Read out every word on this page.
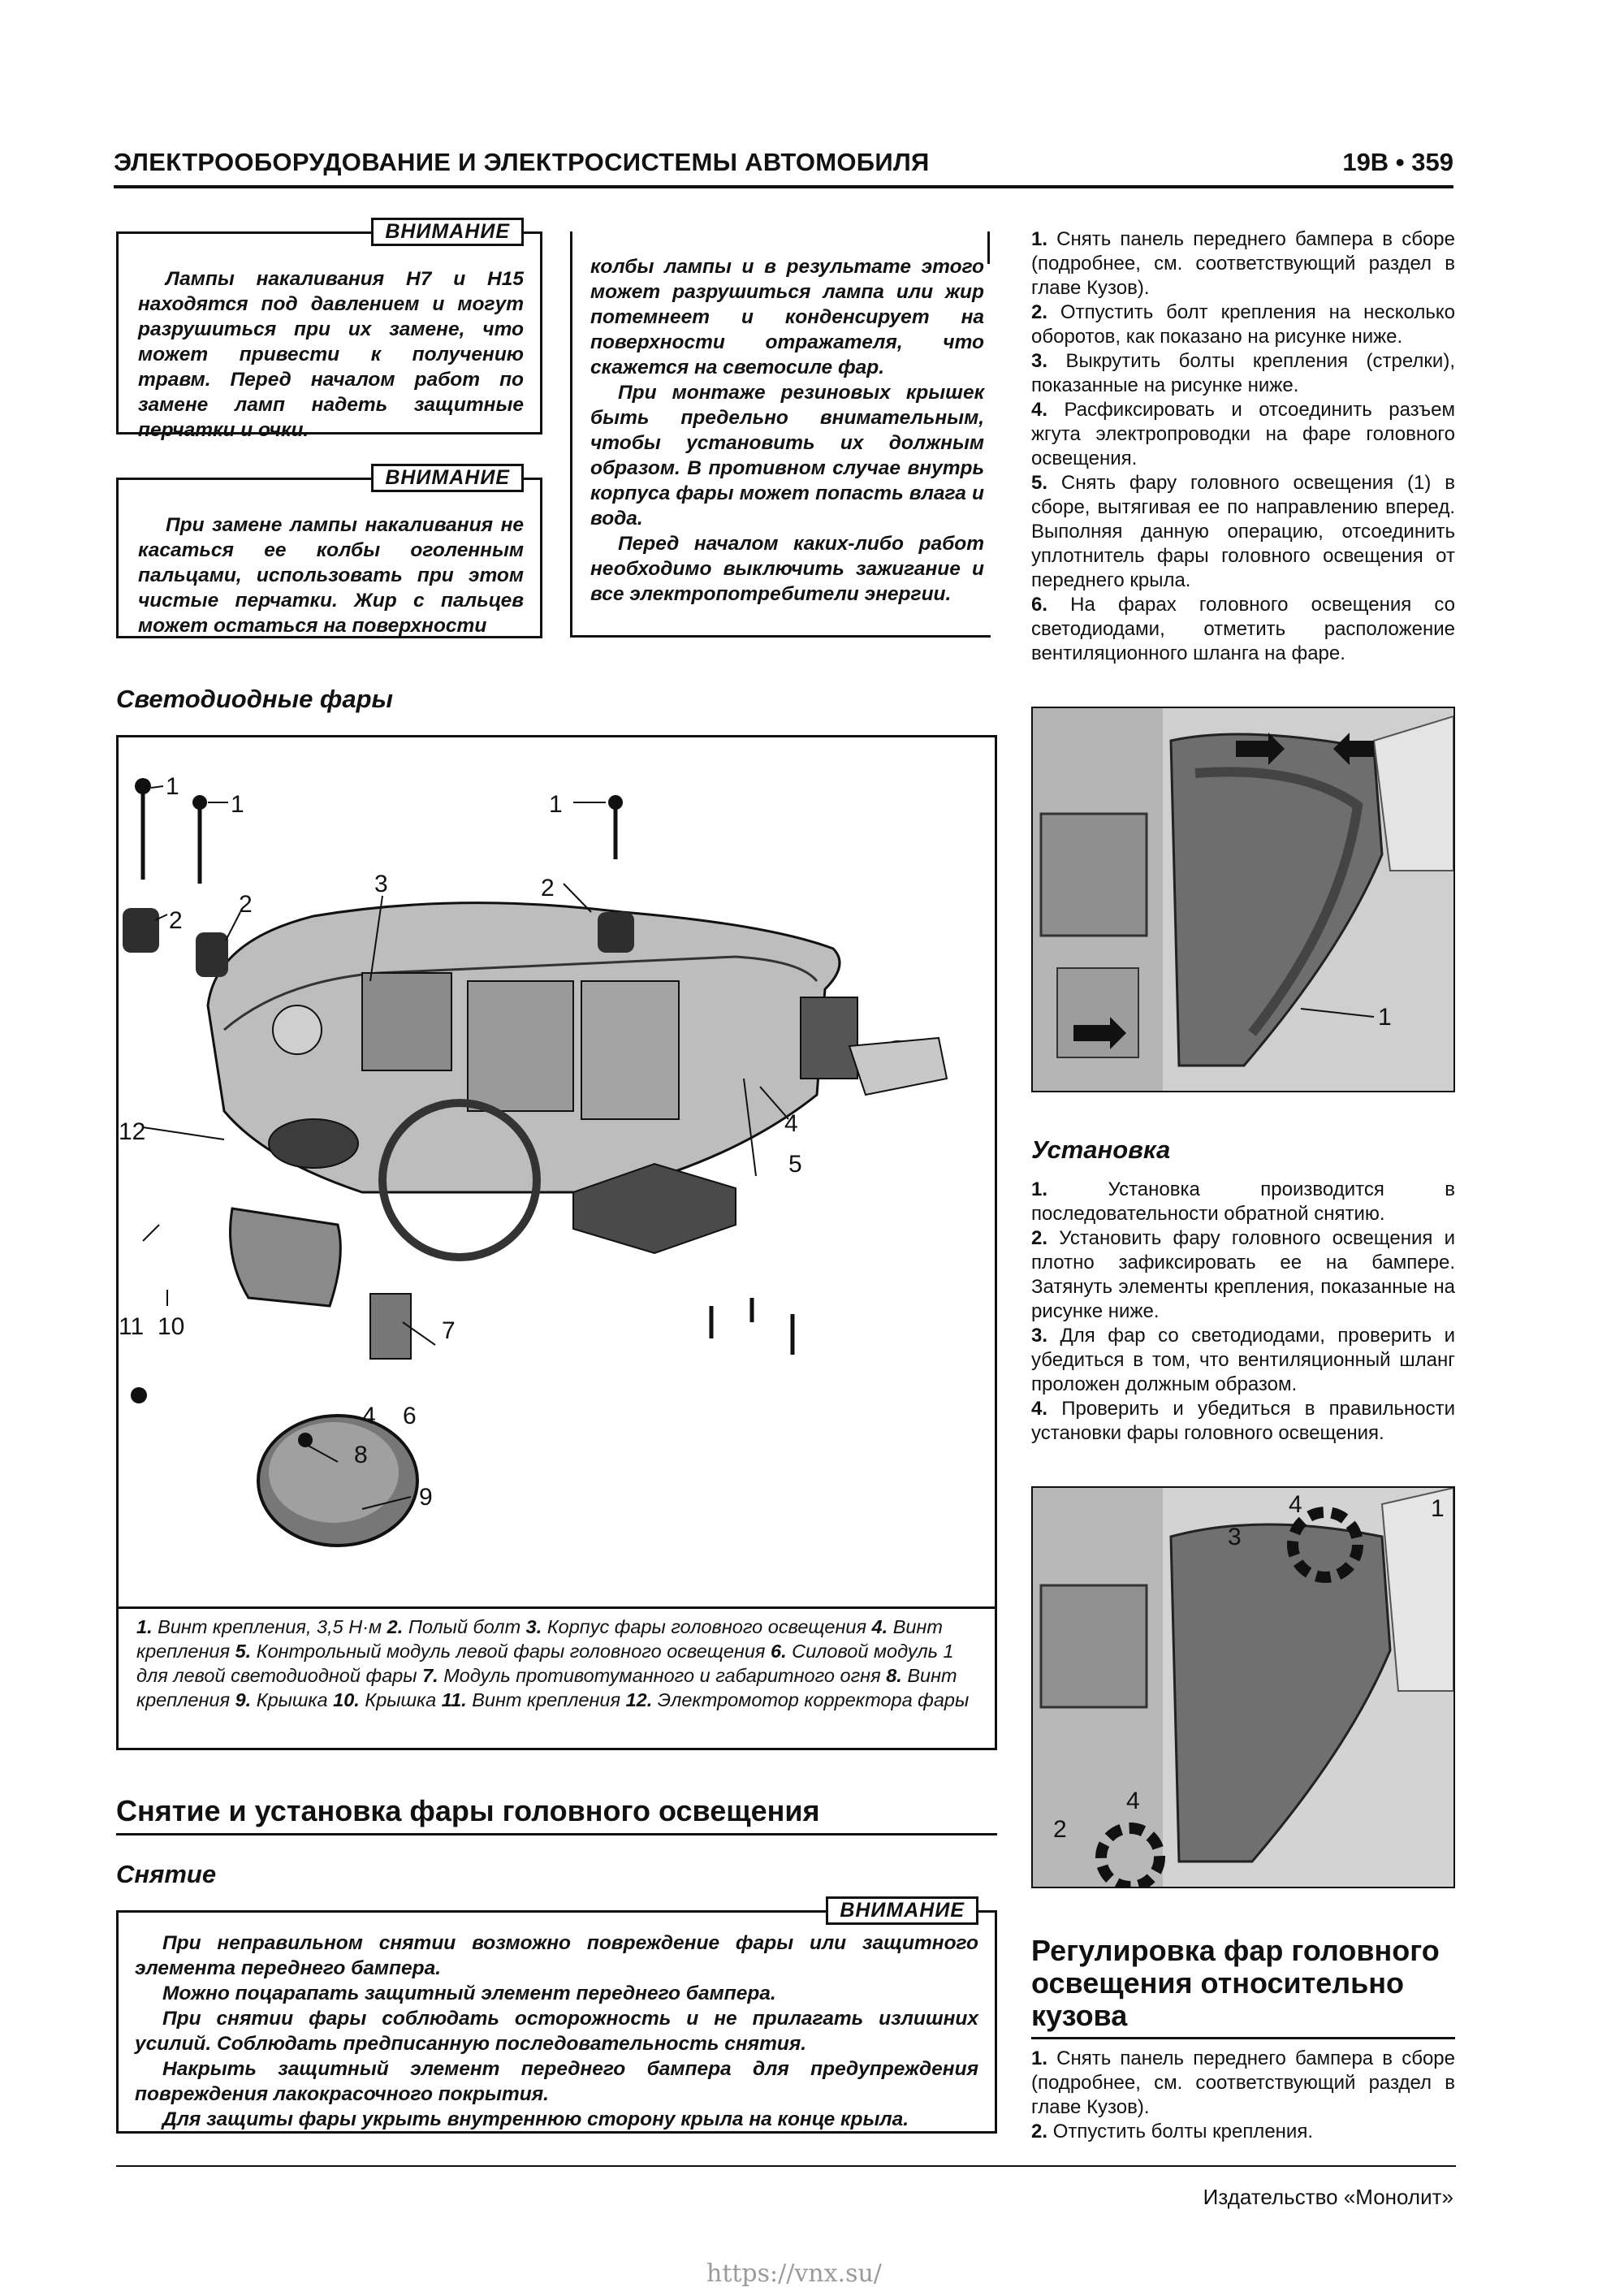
ЭЛЕКТРООБОРУДОВАНИЕ И ЭЛЕКТРОСИСТЕМЫ АВТОМОБИЛЯ	19В • 359
ВНИМАНИЕ

Лампы накаливания H7 и H15 находятся под давлением и могут разрушиться при их замене, что может привести к получению травм. Перед началом работ по замене ламп надеть защитные перчатки и очки.

ВНИМАНИЕ

При замене лампы накаливания не касаться ее колбы оголенным пальцами, использовать при этом чистые перчатки. Жир с пальцев может остаться на поверхности

колбы лампы и в результате этого может разрушиться лампа или жир потемнеет и конденсирует на поверхности отражателя, что скажется на светосиле фар.

При монтаже резиновых крышек быть предельно внимательным, чтобы установить их должным образом. В противном случае внутрь корпуса фары может попасть влага и вода.

Перед началом каких-либо работ необходимо выключить зажигание и все электропотребители энергии.

1. Снять панель переднего бампера в сборе (подробнее, см. соответствующий раздел в главе Кузов).

2. Отпустить болт крепления на несколько оборотов, как показано на рисунке ниже.

3. Выкрутить болты крепления (стрелки), показанные на рисунке ниже.

4. Расфиксировать и отсоединить разъем жгута электропроводки на фаре головного освещения.

5. Снять фару головного освещения (1) в сборе, вытягивая ее по направлению вперед. Выполняя данную операцию, отсоединить уплотнитель фары головного освещения от переднего крыла.

6. На фарах головного освещения со светодиодами, отметить расположение вентиляционного шланга на фаре.

Светодиодные фары
1
1	1
2
2
2
3
4
4
5
6
7
8
9
10
11
12
1. Винт крепления, 3,5 Н·м 2. Полый болт 3. Корпус фары головного освещения 4. Винт крепления 5. Контрольный модуль левой фары головного освещения 6. Силовой модуль 1 для левой светодиодной фары 7. Модуль противотуманного и габаритного огня 8. Винт крепления 9. Крышка 10. Крышка 11. Винт крепления 12. Электромотор корректора фары
1
Установка

1.	Установка производится в последовательности обратной снятию.

2. Установить фару головного освещения и плотно зафиксировать ее на бампере. Затянуть элементы крепления, показанные на рисунке ниже.

3. Для фар со светодиодами, проверить и убедиться в том, что вентиляционный шланг проложен должным образом.

4. Проверить и убедиться в правильности установки фары головного освещения.

4
3
1
4
2
Снятие и установка фары головного освещения
Снятие
ВНИМАНИЕ

При неправильном снятии возможно повреждение фары или защитного элемента переднего бампера.

Можно поцарапать защитный элемент переднего бампера.

При снятии фары соблюдать осторожность и не прилагать излишних усилий. Соблюдать предписанную последовательность снятия.

Накрыть защитный элемент переднего бампера для предупреждения повреждения лакокрасочного покрытия.

Для защиты фары укрыть внутреннюю сторону крыла на конце крыла.

Регулировка фар головного освещения относительно кузова

1. Снять панель переднего бампера в сборе (подробнее, см. соответствующий раздел в главе Кузов).

2. Отпустить болты крепления.

Издательство «Монолит»
https://vnx.su/
